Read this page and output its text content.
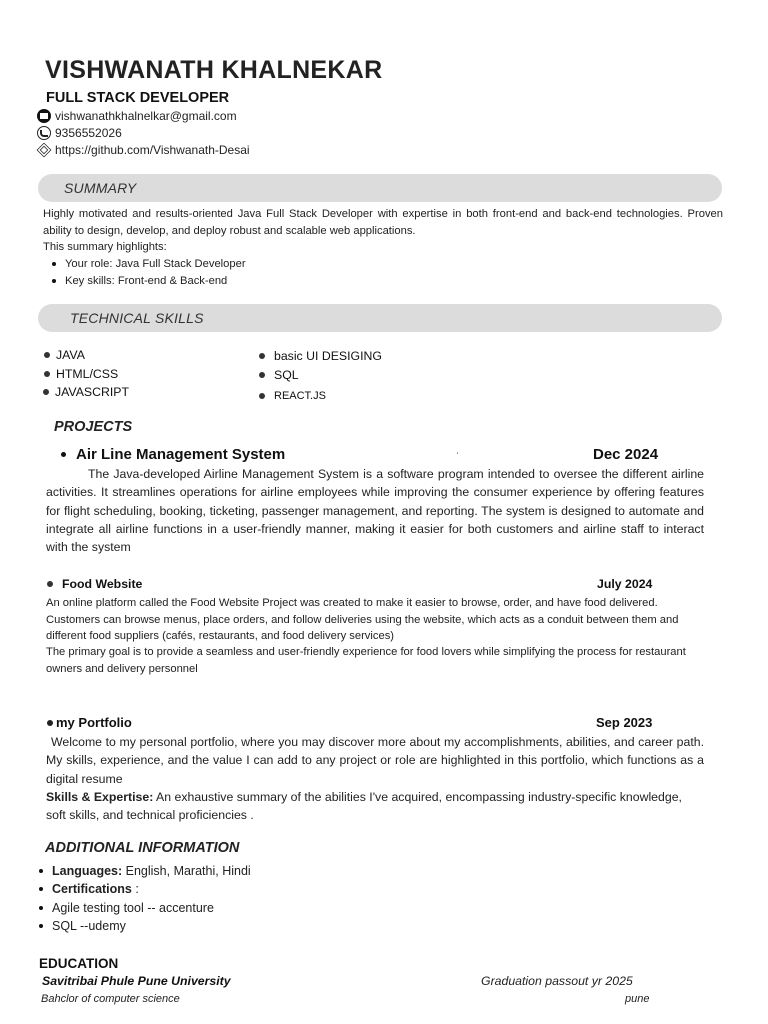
VISHWANATH KHALNEKAR
FULL STACK DEVELOPER
vishwanathkhalnelkar@gmail.com
9356552026
https://github.com/Vishwanath-Desai
SUMMARY
Highly motivated and results-oriented Java Full Stack Developer with expertise in both front-end and back-end technologies. Proven ability to design, develop, and deploy robust and scalable web applications.
This summary highlights:
Your role: Java Full Stack Developer
Key skills: Front-end & Back-end
TECHNICAL SKILLS
JAVA
HTML/CSS
JAVASCRIPT
basic UI DESIGING
SQL
REACT.JS
PROJECTS
Air Line Management System	ʾ	Dec 2024
The Java-developed Airline Management System is a software program intended to oversee the different airline activities. It streamlines operations for airline employees while improving the consumer experience by offering features for flight scheduling, booking, ticketing, passenger management, and reporting. The system is designed to automate and integrate all airline functions in a user-friendly manner, making it easier for both customers and airline staff to interact with the system
Food Website	July 2024
An online platform called the Food Website Project was created to make it easier to browse, order, and have food delivered. Customers can browse menus, place orders, and follow deliveries using the website, which acts as a conduit between them and different food suppliers (cafés, restaurants, and food delivery services)
The primary goal is to provide a seamless and user-friendly experience for food lovers while simplifying the process for restaurant owners and delivery personnel
my Portfolio	Sep 2023
Welcome to my personal portfolio, where you may discover more about my accomplishments, abilities, and career path. My skills, experience, and the value I can add to any project or role are highlighted in this portfolio, which functions as a digital resume
Skills & Expertise: An exhaustive summary of the abilities I've acquired, encompassing industry-specific knowledge, soft skills, and technical proficiencies .
ADDITIONAL INFORMATION
Languages: English, Marathi, Hindi
Certifications :
Agile testing tool -- accenture
SQL --udemy
EDUCATION
Savitribai Phule Pune University	Graduation passout yr 2025
Bahclor of computer science	pune
